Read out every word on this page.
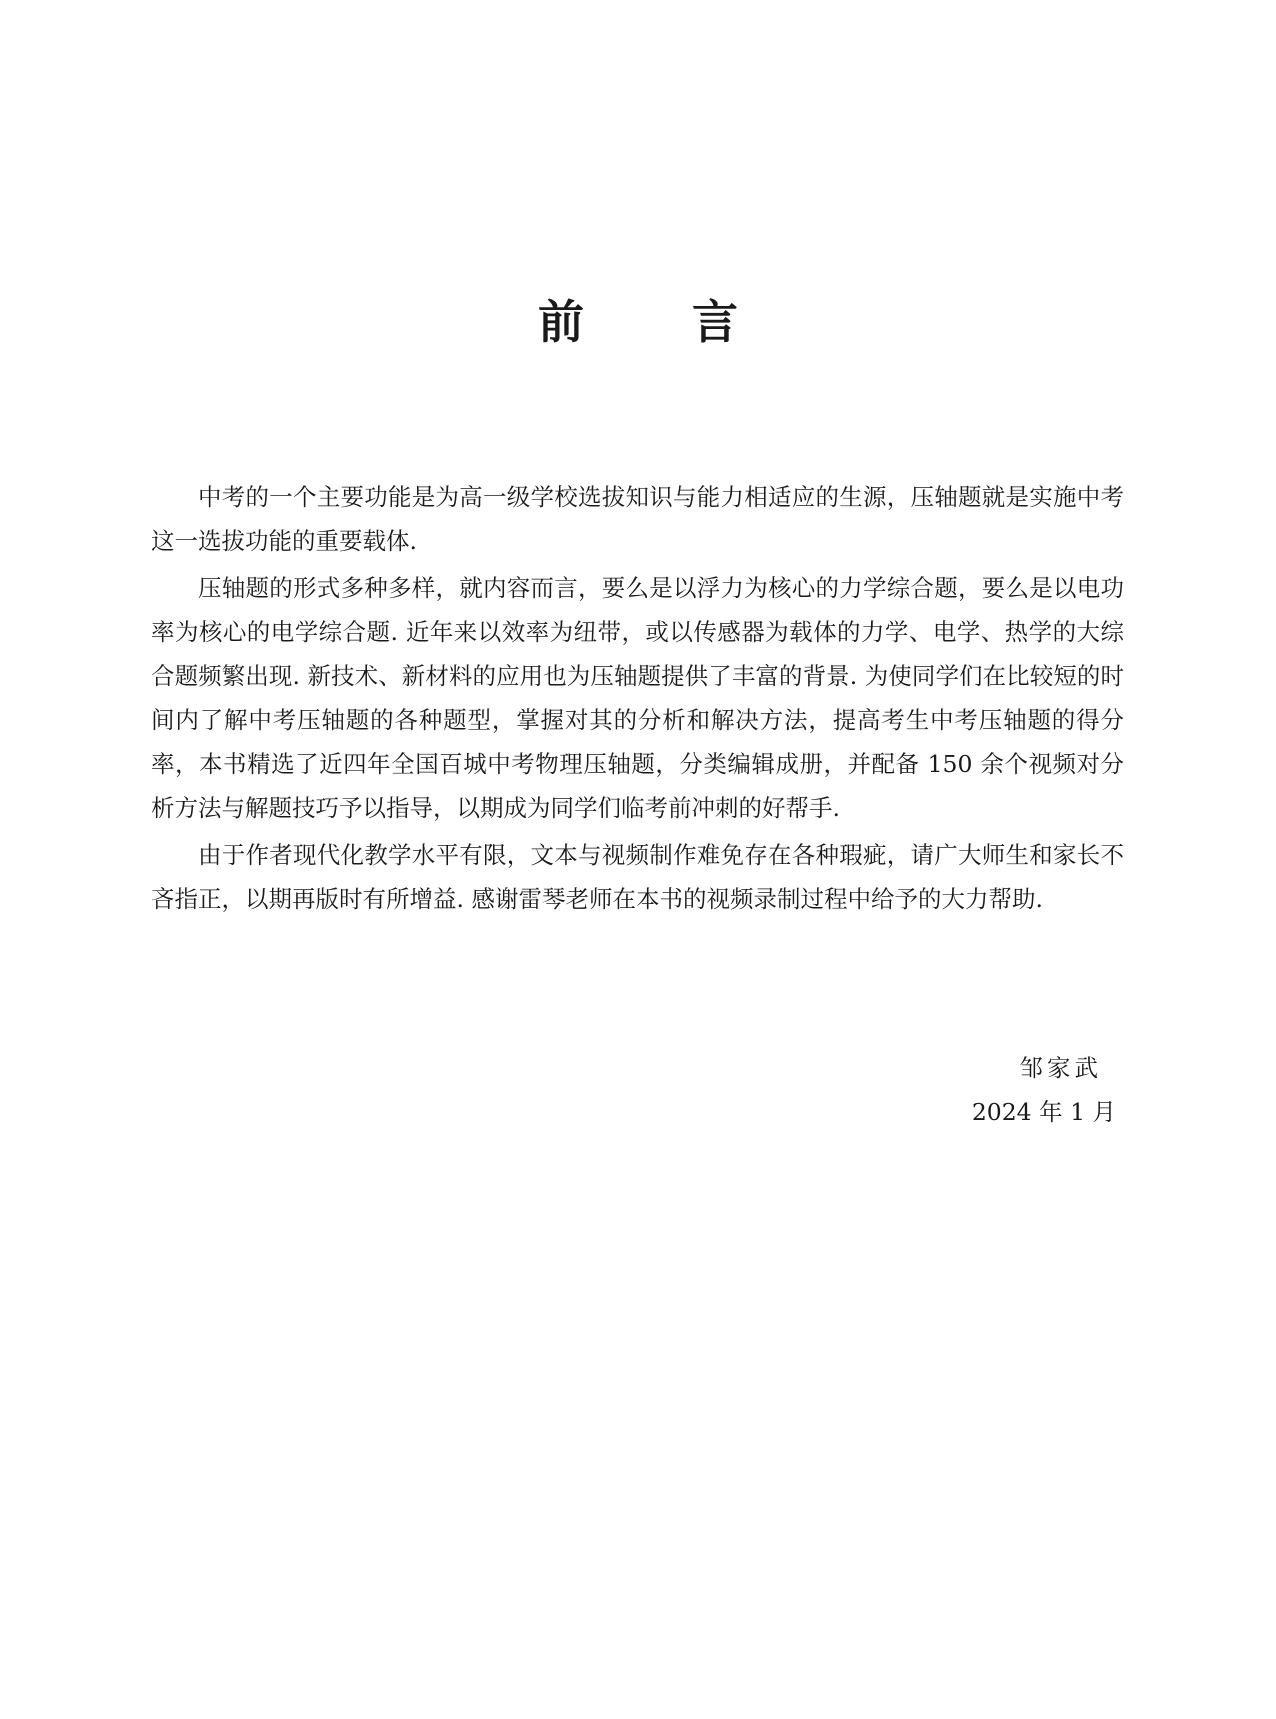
前 言

中考的一个主要功能是为高一级学校选拔知识与能力相适应的生源，压轴题就是实施中考这一选拔功能的重要载体.

压轴题的形式多种多样，就内容而言，要么是以浮力为核心的力学综合题，要么是以电功率为核心的电学综合题. 近年来以效率为纽带，或以传感器为载体的力学、电学、热学的大综合题频繁出现. 新技术、新材料的应用也为压轴题提供了丰富的背景. 为使同学们在比较短的时间内了解中考压轴题的各种题型，掌握对其的分析和解决方法，提高考生中考压轴题的得分率，本书精选了近四年全国百城中考物理压轴题，分类编辑成册，并配备 150 余个视频对分析方法与解题技巧予以指导，以期成为同学们临考前冲刺的好帮手.

由于作者现代化教学水平有限，文本与视频制作难免存在各种瑕疵，请广大师生和家长不吝指正，以期再版时有所增益. 感谢雷琴老师在本书的视频录制过程中给予的大力帮助.

邹家武
2024 年 1 月
